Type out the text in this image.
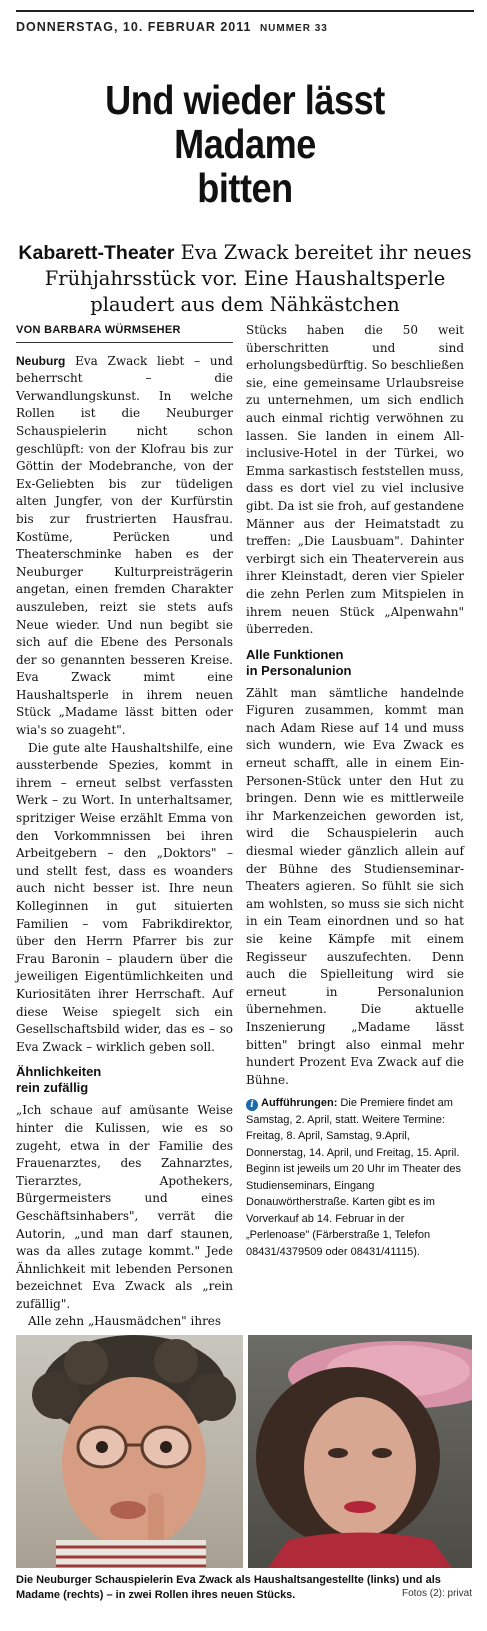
DONNERSTAG, 10. FEBRUAR 2011 NUMMER 33
Und wieder lässt
Madame
bitten
Kabarett-Theater Eva Zwack bereitet ihr neues Frühjahrsstück vor. Eine Haushaltsperle plaudert aus dem Nähkästchen
VON BARBARA WÜRMSEHER

Neuburg Eva Zwack liebt – und beherrscht – die Verwandlungskunst. In welche Rollen ist die Neuburger Schauspielerin nicht schon geschlüpft: von der Klofrau bis zur Göttin der Modebranche, von der Ex-Geliebten bis zur tüdeligen alten Jungfer, von der Kurfürstin bis zur frustrierten Hausfrau. Kostüme, Perücken und Theaterschminke haben es der Neuburger Kulturpreisträgerin angetan, einen fremden Charakter auszuleben, reizt sie stets aufs Neue wieder. Und nun begibt sie sich auf die Ebene des Personals der so genannten besseren Kreise. Eva Zwack mimt eine Haushaltsperle in ihrem neuen Stück „Madame lässt bitten oder wia's so zuageht".

Die gute alte Haushaltshilfe, eine aussterbende Spezies, kommt in ihrem – erneut selbst verfassten Werk – zu Wort. In unterhaltsamer, spritziger Weise erzählt Emma von den Vorkommnissen bei ihren Arbeitgebern – den „Doktors" – und stellt fest, dass es woanders auch nicht besser ist. Ihre neun Kolleginnen in gut situierten Familien – vom Fabrikdirektor, über den Herrn Pfarrer bis zur Frau Baronin – plaudern über die jeweiligen Eigentümlichkeiten und Kuriositäten ihrer Herrschaft. Auf diese Weise spiegelt sich ein Gesellschaftsbild wider, das es – so Eva Zwack – wirklich geben soll.

Ähnlichkeiten
rein zufällig

„Ich schaue auf amüsante Weise hinter die Kulissen, wie es so zugeht, etwa in der Familie des Frauenarztes, des Zahnarztes, Tierarztes, Apothekers, Bürgermeisters und eines Geschäftsinhabers", verrät die Autorin, „und man darf staunen, was da alles zutage kommt." Jede Ähnlichkeit mit lebenden Personen bezeichnet Eva Zwack als „rein zufällig".

Alle zehn „Hausmädchen" ihres

Stücks haben die 50 weit überschritten und sind erholungsbedürftig. So beschließen sie, eine gemeinsame Urlaubsreise zu unternehmen, um sich endlich auch einmal richtig verwöhnen zu lassen. Sie landen in einem All-inclusive-Hotel in der Türkei, wo Emma sarkastisch feststellen muss, dass es dort viel zu viel inclusive gibt. Da ist sie froh, auf gestandene Männer aus der Heimatstadt zu treffen: „Die Lausbuam". Dahinter verbirgt sich ein Theaterverein aus ihrer Kleinstadt, deren vier Spieler die zehn Perlen zum Mitspielen in ihrem neuen Stück „Alpenwahn" überreden.

Alle Funktionen
in Personalunion

Zählt man sämtliche handelnde Figuren zusammen, kommt man nach Adam Riese auf 14 und muss sich wundern, wie Eva Zwack es erneut schafft, alle in einem Ein-Personen-Stück unter den Hut zu bringen. Denn wie es mittlerweile ihr Markenzeichen geworden ist, wird die Schauspielerin auch diesmal wieder gänzlich allein auf der Bühne des Studienseminar-Theaters agieren. So fühlt sie sich am wohlsten, so muss sie sich nicht in ein Team einordnen und so hat sie keine Kämpfe mit einem Regisseur auszufechten. Denn auch die Spielleitung wird sie erneut in Personalunion übernehmen. Die aktuelle Inszenierung „Madame lässt bitten" bringt also einmal mehr hundert Prozent Eva Zwack auf die Bühne.

i Aufführungen: Die Premiere findet am Samstag, 2. April, statt. Weitere Termine: Freitag, 8. April, Samstag, 9.April, Donnerstag, 14. April, und Freitag, 15. April. Beginn ist jeweils um 20 Uhr im Theater des Studienseminars, Eingang Donauwörtherstraße. Karten gibt es im Vorverkauf ab 14. Februar in der „Perlenoase" (Färberstraße 1, Telefon 08431/4379509 oder 08431/41115).
Die Neuburger Schauspielerin Eva Zwack als Haushaltsangestellte (links) und als Madame (rechts) – in zwei Rollen ihres neuen Stücks.	Fotos (2): privat
